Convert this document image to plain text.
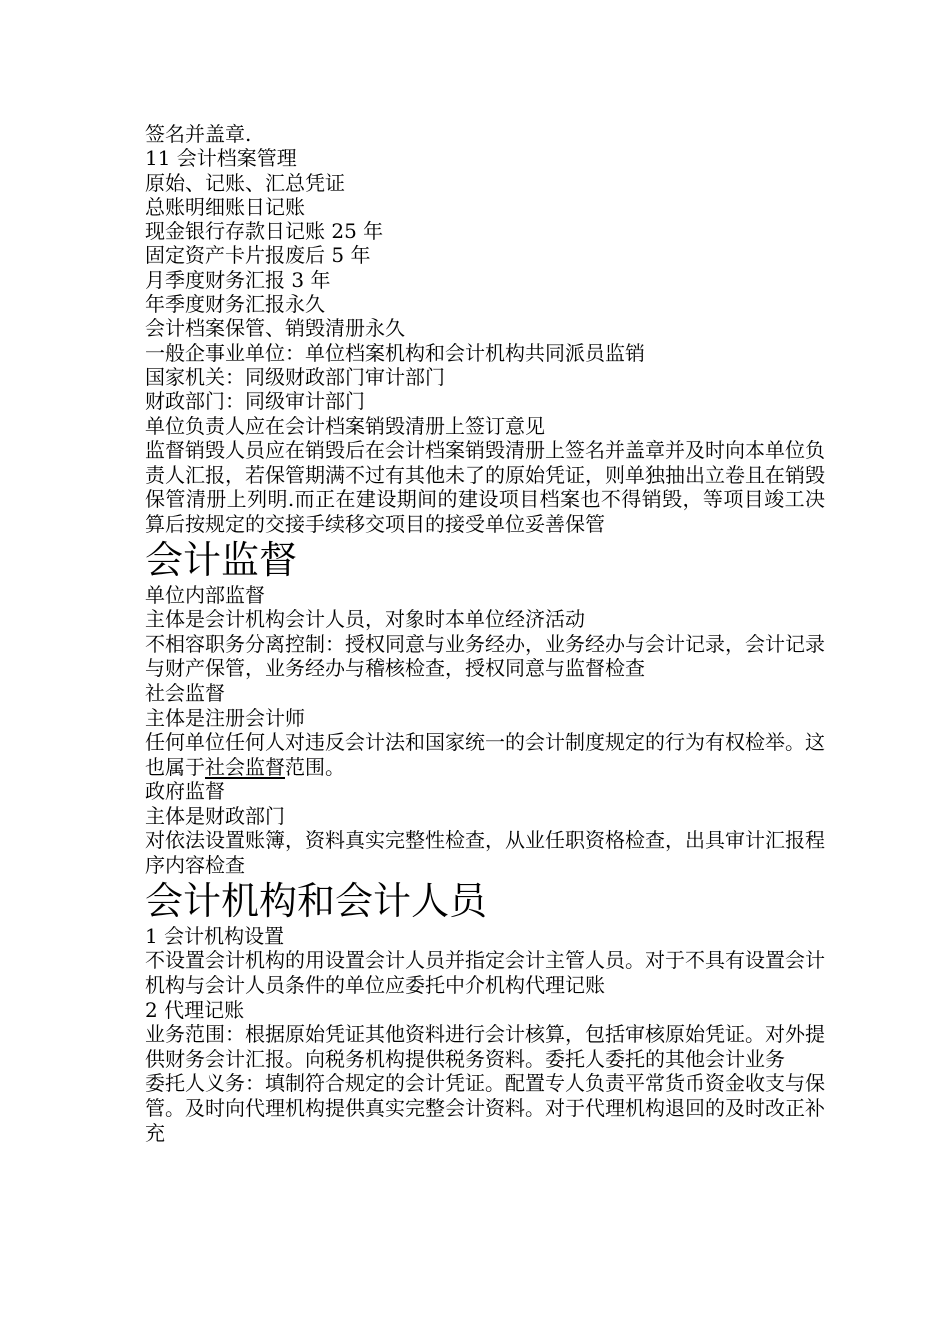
签名并盖章.
11 会计档案管理
原始、记账、汇总凭证
总账明细账日记账
现金银行存款日记账 25 年
固定资产卡片报废后 5 年
月季度财务汇报 3 年
年季度财务汇报永久
会计档案保管、销毁清册永久
一般企事业单位：单位档案机构和会计机构共同派员监销
国家机关：同级财政部门审计部门
财政部门：同级审计部门
单位负责人应在会计档案销毁清册上签订意见

监督销毁人员应在销毁后在会计档案销毁清册上签名并盖章并及时向本单位负责人汇报，若保管期满不过有其他未了的原始凭证，则单独抽出立卷且在销毁保管清册上列明.而正在建设期间的建设项目档案也不得销毁，等项目竣工决算后按规定的交接手续移交项目的接受单位妥善保管

会计监督
单位内部监督
主体是会计机构会计人员，对象时本单位经济活动

不相容职务分离控制：授权同意与业务经办，业务经办与会计记录，会计记录与财产保管，业务经办与稽核检查，授权同意与监督检查

社会监督
主体是注册会计师

任何单位任何人对违反会计法和国家统一的会计制度规定的行为有权检举。这也属于社会监督范围。

政府监督
主体是财政部门

对依法设置账簿，资料真实完整性检查，从业任职资格检查，出具审计汇报程序内容检查

会计机构和会计人员
1 会计机构设置

不设置会计机构的用设置会计人员并指定会计主管人员。对于不具有设置会计机构与会计人员条件的单位应委托中介机构代理记账

2 代理记账

业务范围：根据原始凭证其他资料进行会计核算，包括审核原始凭证。对外提供财务会计汇报。向税务机构提供税务资料。委托人委托的其他会计业务

委托人义务：填制符合规定的会计凭证。配置专人负责平常货币资金收支与保管。及时向代理机构提供真实完整会计资料。对于代理机构退回的及时改正补充
